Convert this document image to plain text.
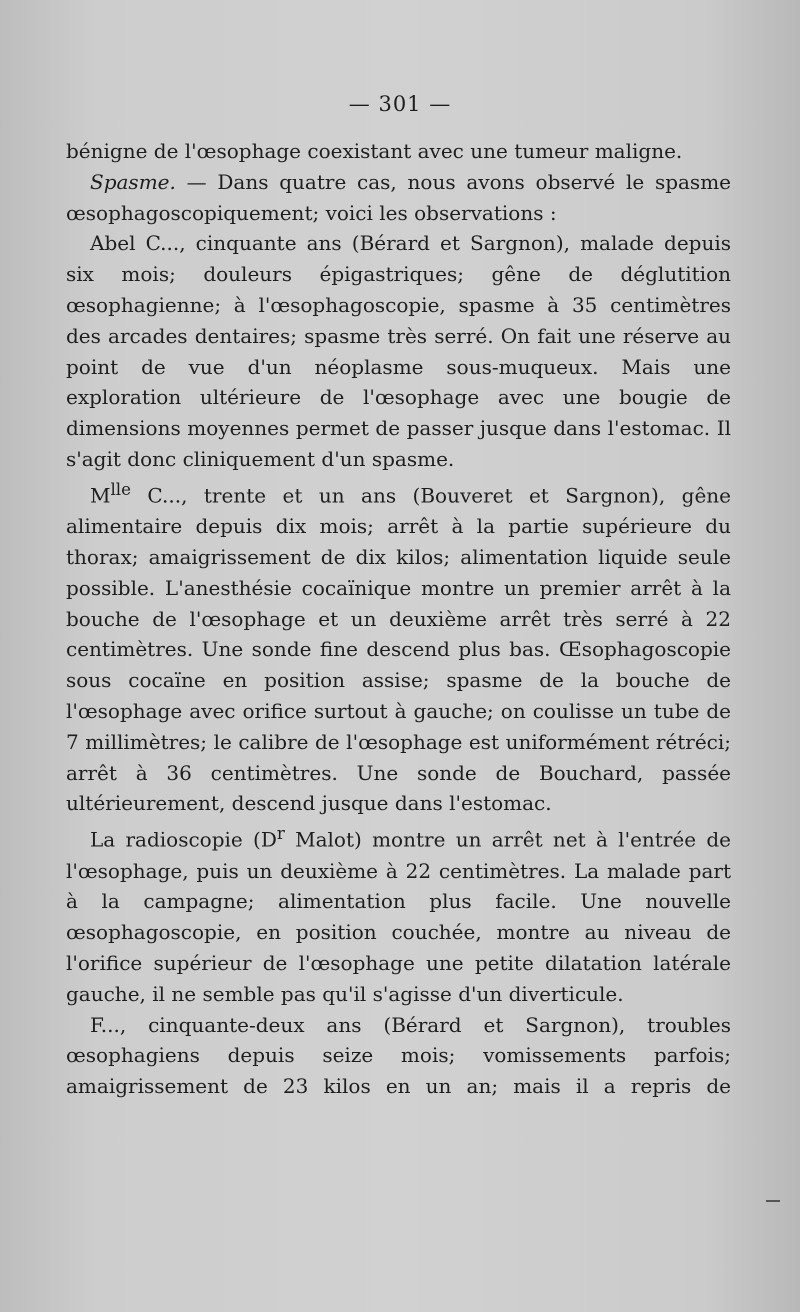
— 301 —

bénigne de l'œsophage coexistant avec une tumeur maligne.

Spasme. — Dans quatre cas, nous avons observé le spasme œsophagoscopiquement; voici les observations :

Abel C..., cinquante ans (Bérard et Sargnon), malade depuis six mois; douleurs épigastriques; gêne de déglutition œsophagienne; à l'œsophagoscopie, spasme à 35 centimètres des arcades dentaires; spasme très serré. On fait une réserve au point de vue d'un néoplasme sous-muqueux. Mais une exploration ultérieure de l'œsophage avec une bougie de dimensions moyennes permet de passer jusque dans l'estomac. Il s'agit donc cliniquement d'un spasme.

$M^{lle}$ C..., trente et un ans (Bouveret et Sargnon), gêne alimentaire depuis dix mois; arrêt à la partie supérieure du thorax; amaigrissement de dix kilos; alimentation liquide seule possible. L'anesthésie cocaïnique montre un premier arrêt à la bouche de l'œsophage et un deuxième arrêt très serré à 22 centimètres. Une sonde fine descend plus bas. Œsophagoscopie sous cocaïne en position assise; spasme de la bouche de l'œsophage avec orifice surtout à gauche; on coulisse un tube de 7 millimètres; le calibre de l'œsophage est uniformément rétréci; arrêt à 36 centimètres. Une sonde de Bouchard, passée ultérieurement, descend jusque dans l'estomac.

La radioscopie ($D^r$ Malot) montre un arrêt net à l'entrée de l'œsophage, puis un deuxième à 22 centimètres. La malade part à la campagne; alimentation plus facile. Une nouvelle œsophagoscopie, en position couchée, montre au niveau de l'orifice supérieur de l'œsophage une petite dilatation latérale gauche, il ne semble pas qu'il s'agisse d'un diverticule.

F..., cinquante-deux ans (Bérard et Sargnon), troubles œsophagiens depuis seize mois; vomissements parfois; amaigrissement de 23 kilos en un an; mais il a repris de
